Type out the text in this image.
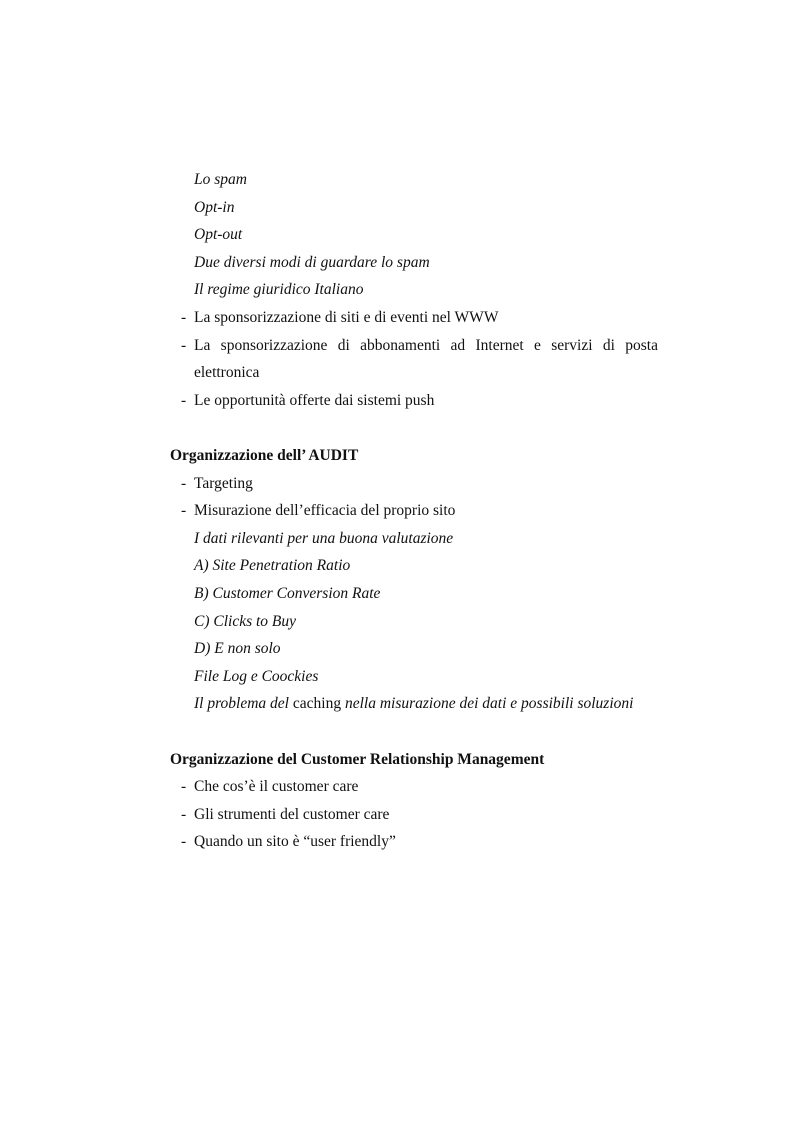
Lo spam
Opt-in
Opt-out
Due diversi modi di guardare lo spam
Il regime giuridico Italiano
- La sponsorizzazione di siti e di eventi nel WWW
- La sponsorizzazione di abbonamenti ad Internet e servizi di posta
elettronica
- Le opportunità offerte dai sistemi push
Organizzazione dell’ AUDIT
- Targeting
- Misurazione dell’efficacia del proprio sito
I dati rilevanti per una buona valutazione
A) Site Penetration Ratio
B) Customer Conversion Rate
C) Clicks to Buy
D) E non solo
File Log e Coockies
Il problema del caching nella misurazione dei dati e possibili soluzioni
Organizzazione del Customer Relationship Management
- Che cos’è il customer care
- Gli strumenti del customer care
- Quando un sito è “user friendly”
